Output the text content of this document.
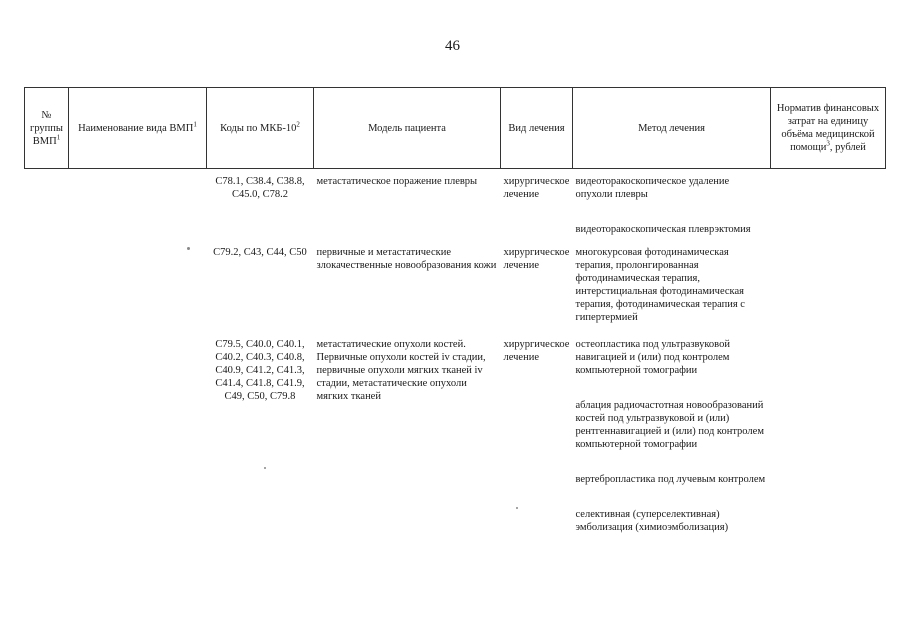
46
№ группы ВМП$^1$	Наименование вида ВМП$^1$	Коды по МКБ-$10^2$	Модель пациента	Вид лечения	Метод лечения	Норматив финансовых затрат на единицу объёма медицинской помощи$^3$, рублей
		C78.1, C38.4, C38.8, C45.0, C78.2	метастатическое поражение плевры	хирургическое лечение	видеоторакоскопическое удаление опухоли плевры
видеоторакоскопическая плеврэктомия	

		C79.2, C43, C44, C50	первичные и метастатические злокачественные новообразования кожи	хирургическое лечение	многокурсовая фотодинамическая терапия, пролонгированная фотодинамическая терапия, интерстициальная фотодинамическая терапия, фотодинамическая терапия с гипертермией	

		C79.5, C40.0, C40.1, C40.2, C40.3, C40.8, C40.9, C41.2, C41.3, C41.4, C41.8, C41.9, C49, C50, C79.8	метастатические опухоли костей. Первичные опухоли костей iv стадии, первичные опухоли мягких тканей iv стадии, метастатические опухоли мягких тканей	хирургическое лечение	остеопластика под ультразвуковой навигацией и (или) под контролем компьютерной томографии
аблация радиочастотная новообразований костей под ультразвуковой и (или) рентгеннавигацией и (или) под контролем компьютерной томографии
вертебропластика под лучевым контролем
селективная (суперселективная) эмболизация (химиоэмболизация)	
